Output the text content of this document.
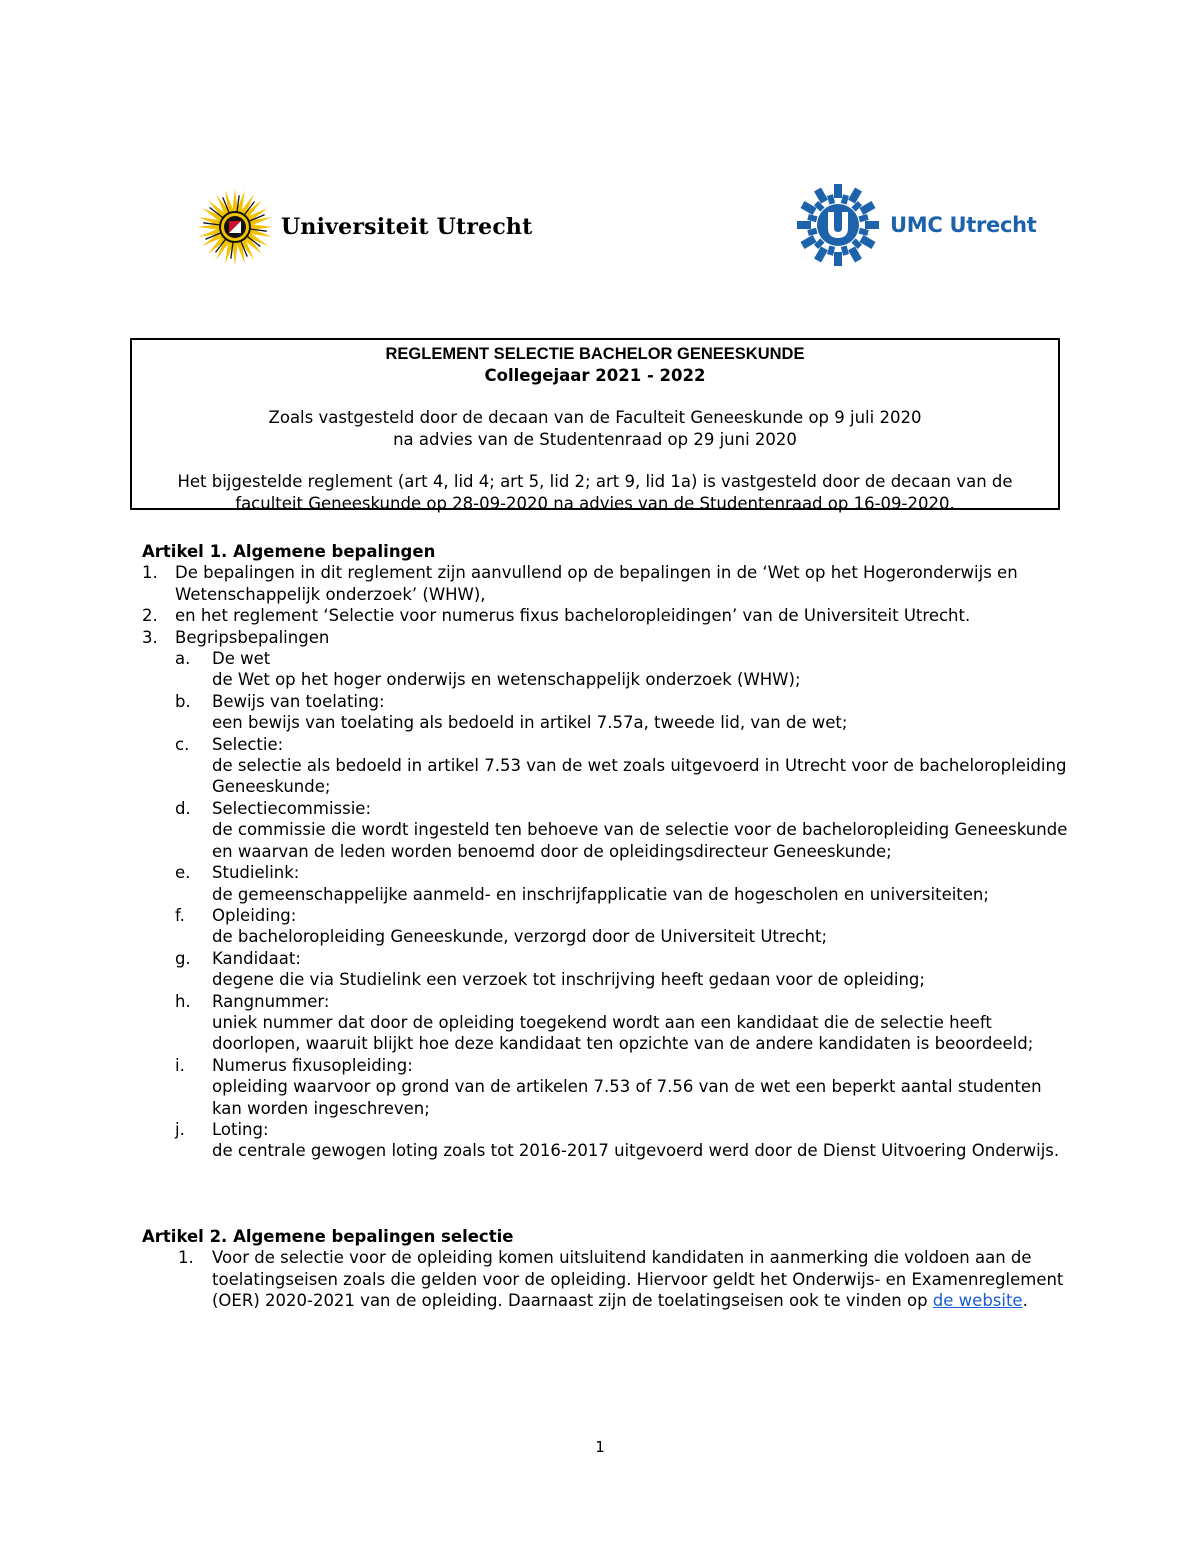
Universiteit Utrecht	UMC Utrecht
REGLEMENT SELECTIE BACHELOR GENEESKUNDE
Collegejaar 2021 - 2022
Zoals vastgesteld door de decaan van de Faculteit Geneeskunde op 9 juli 2020
na advies van de Studentenraad op 29 juni 2020
Het bijgestelde reglement (art 4, lid 4; art 5, lid 2; art 9, lid 1a) is vastgesteld door de decaan van de faculteit Geneeskunde op 28-09-2020 na advies van de Studentenraad op 16-09-2020.
Artikel 1. Algemene bepalingen
1. De bepalingen in dit reglement zijn aanvullend op de bepalingen in de ‘Wet op het Hogeronderwijs en Wetenschappelijk onderzoek’ (WHW),
2. en het reglement ‘Selectie voor numerus fixus bacheloropleidingen’ van de Universiteit Utrecht.
3. Begripsbepalingen
a. De wet
de Wet op het hoger onderwijs en wetenschappelijk onderzoek (WHW);
b. Bewijs van toelating:
een bewijs van toelating als bedoeld in artikel 7.57a, tweede lid, van de wet;
c. Selectie:
de selectie als bedoeld in artikel 7.53 van de wet zoals uitgevoerd in Utrecht voor de bacheloropleiding Geneeskunde;
d. Selectiecommissie:
de commissie die wordt ingesteld ten behoeve van de selectie voor de bacheloropleiding Geneeskunde en waarvan de leden worden benoemd door de opleidingsdirecteur Geneeskunde;
e. Studielink:
de gemeenschappelijke aanmeld- en inschrijfapplicatie van de hogescholen en universiteiten;
f. Opleiding:
de bacheloropleiding Geneeskunde, verzorgd door de Universiteit Utrecht;
g. Kandidaat:
degene die via Studielink een verzoek tot inschrijving heeft gedaan voor de opleiding;
h. Rangnummer:
uniek nummer dat door de opleiding toegekend wordt aan een kandidaat die de selectie heeft doorlopen, waaruit blijkt hoe deze kandidaat ten opzichte van de andere kandidaten is beoordeeld;
i. Numerus fixusopleiding:
opleiding waarvoor op grond van de artikelen 7.53 of 7.56 van de wet een beperkt aantal studenten kan worden ingeschreven;
j. Loting:
de centrale gewogen loting zoals tot 2016-2017 uitgevoerd werd door de Dienst Uitvoering Onderwijs.
Artikel 2. Algemene bepalingen selectie
1. Voor de selectie voor de opleiding komen uitsluitend kandidaten in aanmerking die voldoen aan de toelatingseisen zoals die gelden voor de opleiding. Hiervoor geldt het Onderwijs- en Examenreglement (OER) 2020-2021 van de opleiding. Daarnaast zijn de toelatingseisen ook te vinden op de website.
1
